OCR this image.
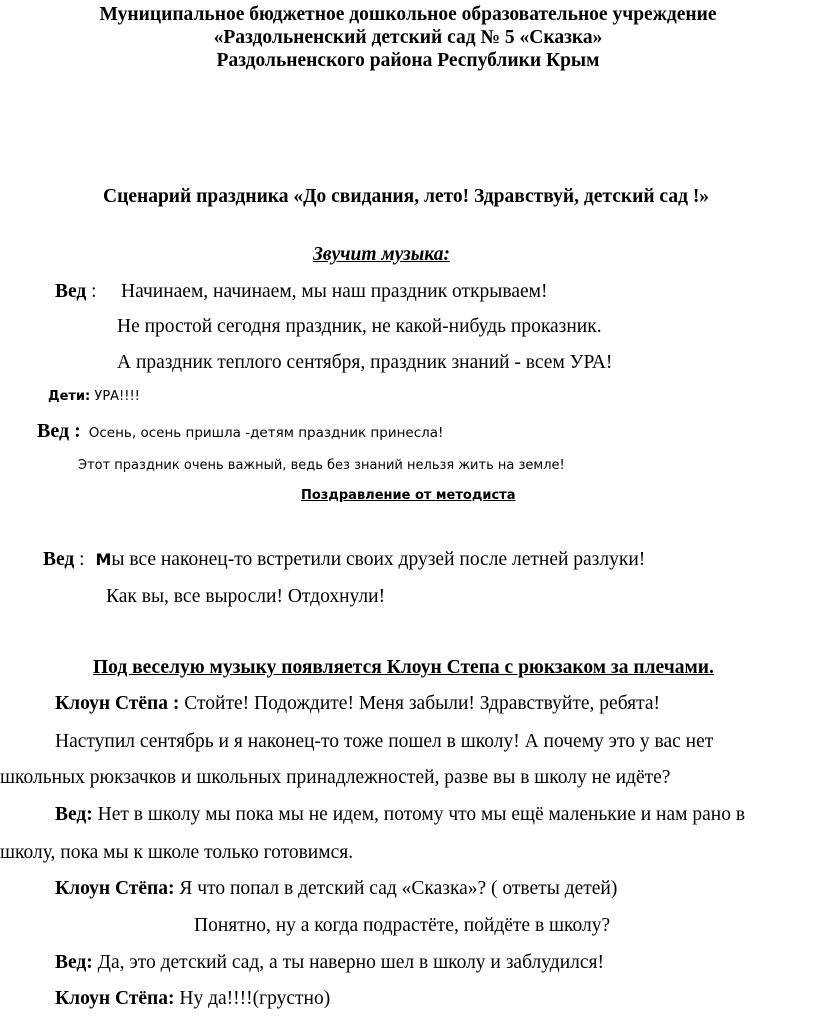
Муниципальное бюджетное дошкольное образовательное учреждение
«Раздольненский детский сад № 5 «Сказка»
Раздольненского района Республики Крым
Сценарий праздника «До свидания, лето! Здравствуй, детский сад !»
Звучит музыка:
Вед : Начинаем, начинаем, мы наш праздник открываем!
Не простой сегодня праздник, не какой-нибудь проказник.
А праздник теплого сентября, праздник знаний - всем УРА!
Дети: УРА!!!!
Вед : Осень, осень пришла -детям праздник принесла!
Этот праздник очень важный, ведь без знаний нельзя жить на земле!
Поздравление от методиста
Вед : Мы все наконец-то встретили своих друзей после летней разлуки!
Как вы, все выросли! Отдохнули!
Под веселую музыку появляется Клоун Степа с рюкзаком за плечами.
Клоун Стёпа : Стойте! Подождите! Меня забыли! Здравствуйте, ребята!
Наступил сентябрь и я наконец-то тоже пошел в школу! А почему это у вас нет
школьных рюкзачков и школьных принадлежностей, разве вы в школу не идёте?
Вед: Нет в школу мы пока мы не идем, потому что мы ещё маленькие и нам рано в
школу, пока мы к школе только готовимся.
Клоун Стёпа: Я что попал в детский сад «Сказка»? ( ответы детей)
Понятно, ну а когда подрастёте, пойдёте в школу?
Вед: Да, это детский сад, а ты наверно шел в школу и заблудился!
Клоун Стёпа: Ну да!!!!(грустно)
